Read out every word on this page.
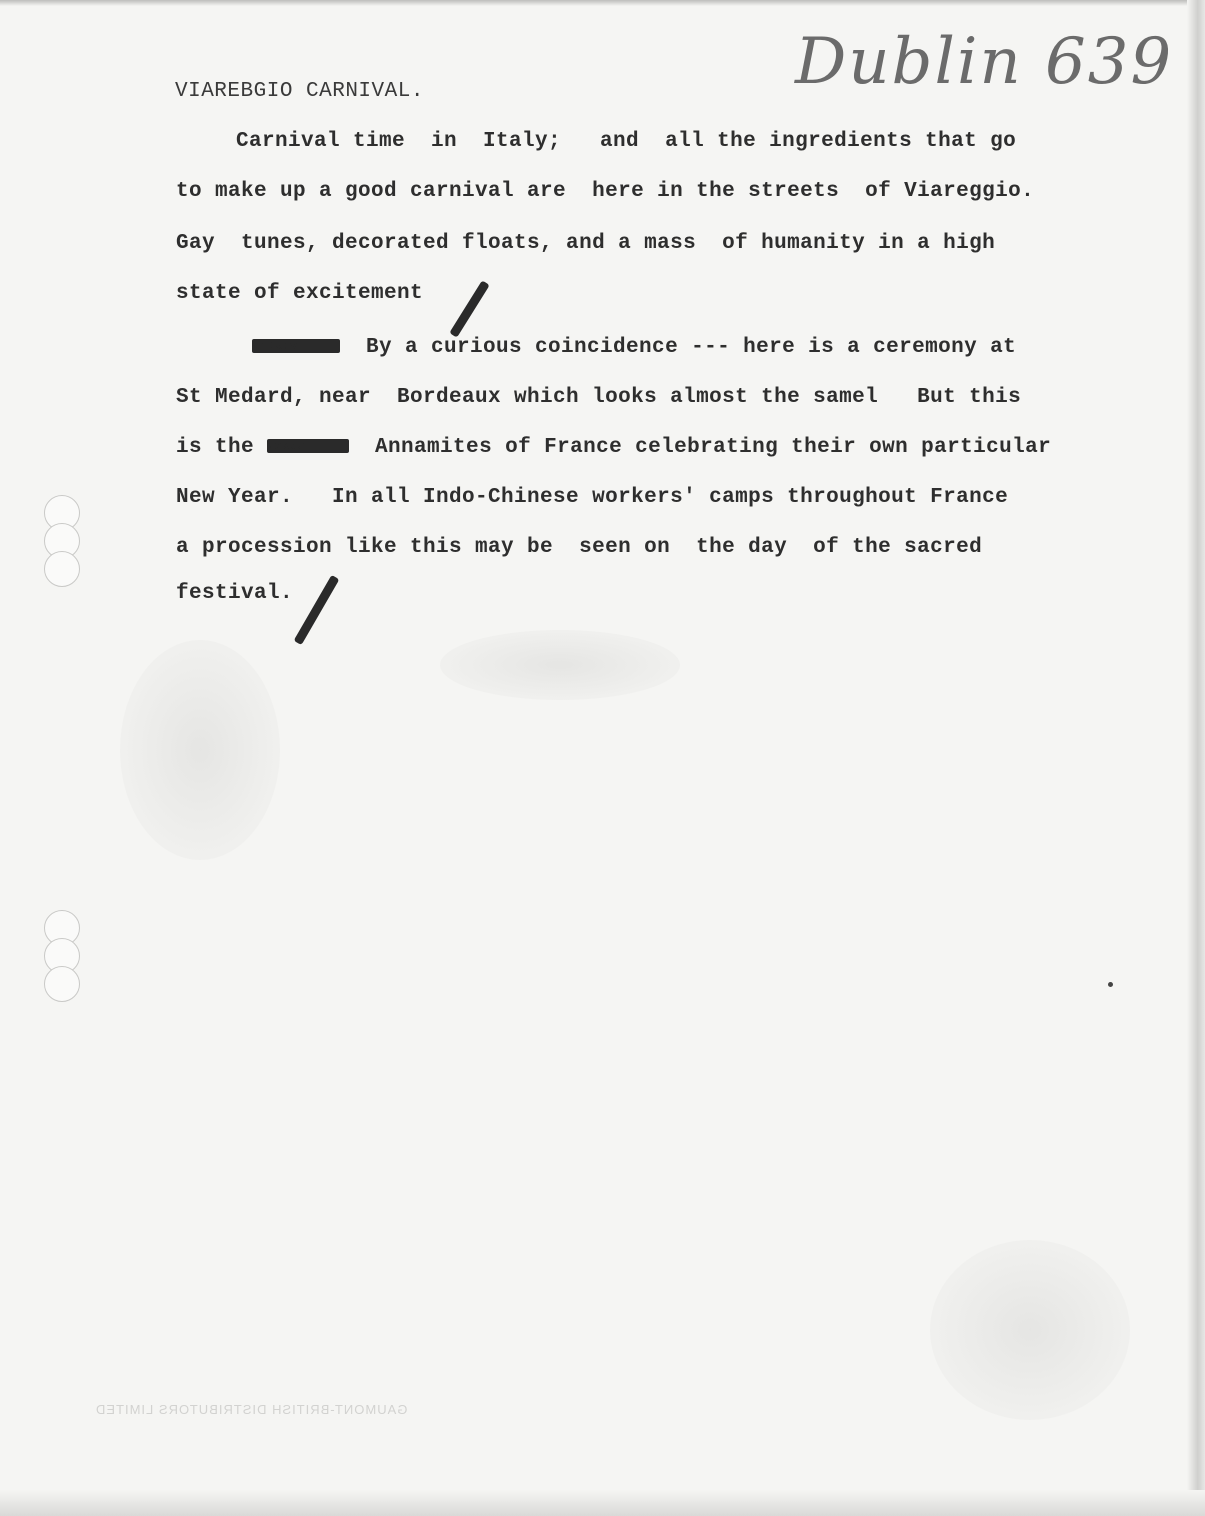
VIAREBGIO CARNIVAL.	Dublin 639
Carnival time  in  Italy;   and  all the ingredients that go
to make up a good carnival are  here in the streets  of Viareggio.
Gay  tunes, decorated floats, and a mass  of humanity in a high
state of excitement
andxby	By a curious coincidence --- here is a ceremony at
St Medard, near  Bordeaux which looks almost the samel   But this
is the zxxxx	Annamites of France celebrating their own particular
New Year.   In all Indo-Chinese workers' camps throughout France
a procession like this may be  seen on  the day  of the sacred
festival.
GAUMONT-BRITISH DISTRIBUTORS LIMITED
